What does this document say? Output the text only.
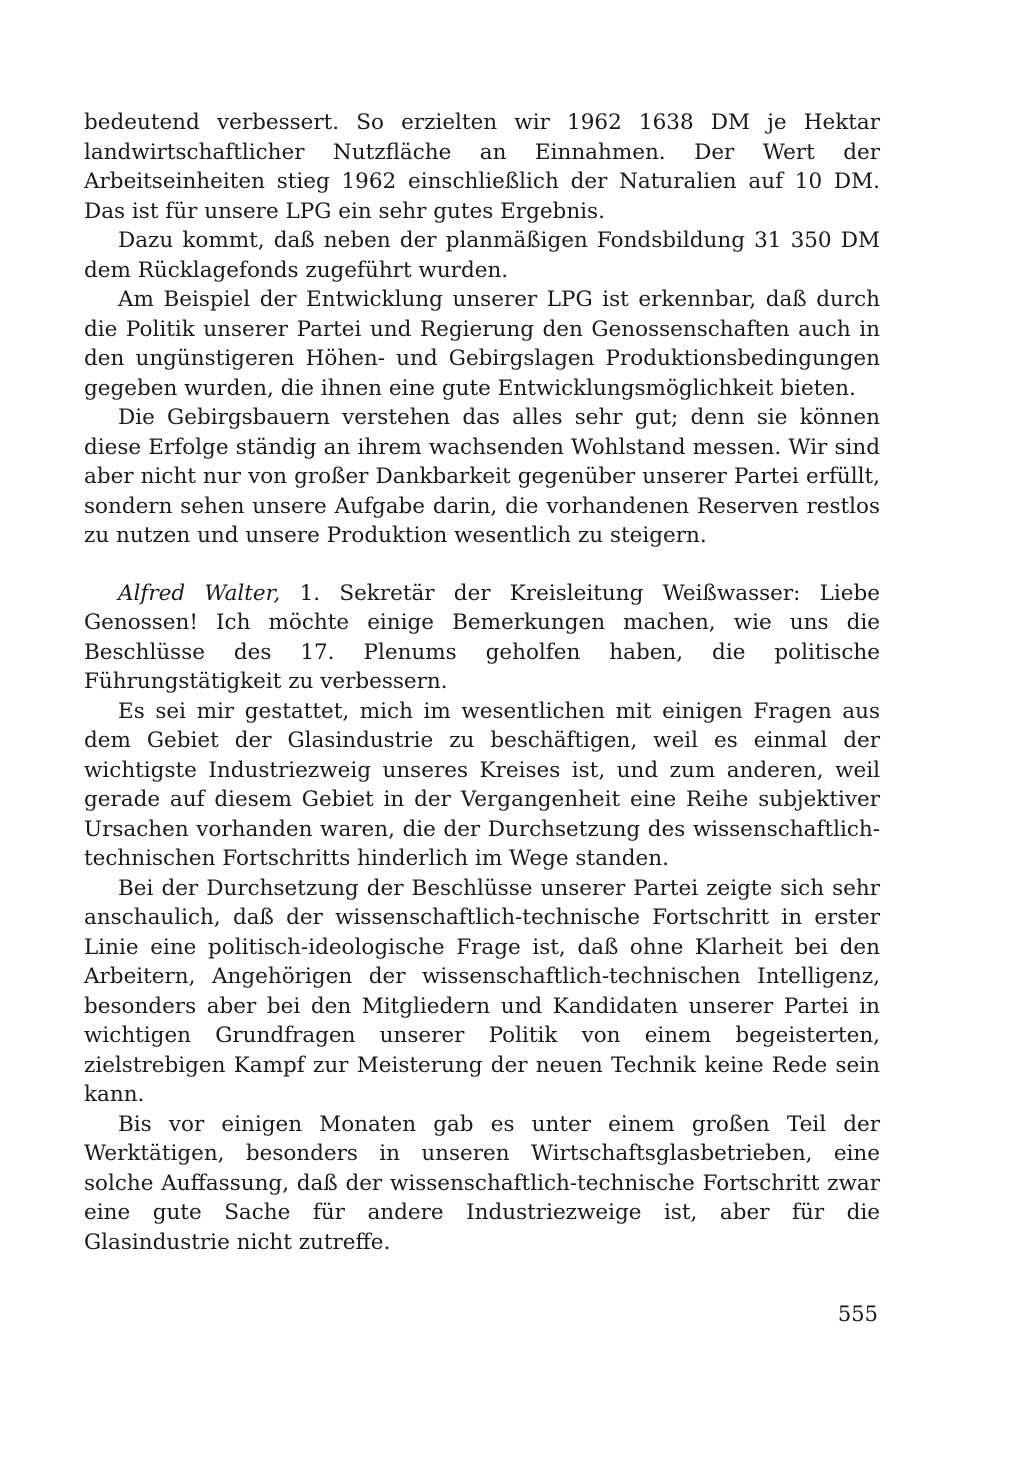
bedeutend verbessert. So erzielten wir 1962 1638 DM je Hektar landwirtschaftlicher Nutzfläche an Einnahmen. Der Wert der Arbeitseinheiten stieg 1962 einschließlich der Naturalien auf 10 DM. Das ist für unsere LPG ein sehr gutes Ergebnis.

Dazu kommt, daß neben der planmäßigen Fondsbildung 31 350 DM dem Rücklagefonds zugeführt wurden.

Am Beispiel der Entwicklung unserer LPG ist erkennbar, daß durch die Politik unserer Partei und Regierung den Genossenschaften auch in den ungünstigeren Höhen- und Gebirgslagen Produktionsbedingungen gegeben wurden, die ihnen eine gute Entwicklungsmöglichkeit bieten.

Die Gebirgsbauern verstehen das alles sehr gut; denn sie können diese Erfolge ständig an ihrem wachsenden Wohlstand messen. Wir sind aber nicht nur von großer Dankbarkeit gegenüber unserer Partei erfüllt, sondern sehen unsere Aufgabe darin, die vorhandenen Reserven restlos zu nutzen und unsere Produktion wesentlich zu steigern.

Alfred Walter, 1. Sekretär der Kreisleitung Weißwasser: Liebe Genossen! Ich möchte einige Bemerkungen machen, wie uns die Beschlüsse des 17. Plenums geholfen haben, die politische Führungstätigkeit zu verbessern.

Es sei mir gestattet, mich im wesentlichen mit einigen Fragen aus dem Gebiet der Glasindustrie zu beschäftigen, weil es einmal der wichtigste Industriezweig unseres Kreises ist, und zum anderen, weil gerade auf diesem Gebiet in der Vergangenheit eine Reihe subjektiver Ursachen vorhanden waren, die der Durchsetzung des wissenschaftlich-technischen Fortschritts hinderlich im Wege standen.

Bei der Durchsetzung der Beschlüsse unserer Partei zeigte sich sehr anschaulich, daß der wissenschaftlich-technische Fortschritt in erster Linie eine politisch-ideologische Frage ist, daß ohne Klarheit bei den Arbeitern, Angehörigen der wissenschaftlich-technischen Intelligenz, besonders aber bei den Mitgliedern und Kandidaten unserer Partei in wichtigen Grundfragen unserer Politik von einem begeisterten, zielstrebigen Kampf zur Meisterung der neuen Technik keine Rede sein kann.

Bis vor einigen Monaten gab es unter einem großen Teil der Werktätigen, besonders in unseren Wirtschaftsglasbetrieben, eine solche Auffassung, daß der wissenschaftlich-technische Fortschritt zwar eine gute Sache für andere Industriezweige ist, aber für die Glasindustrie nicht zutreffe.

555
